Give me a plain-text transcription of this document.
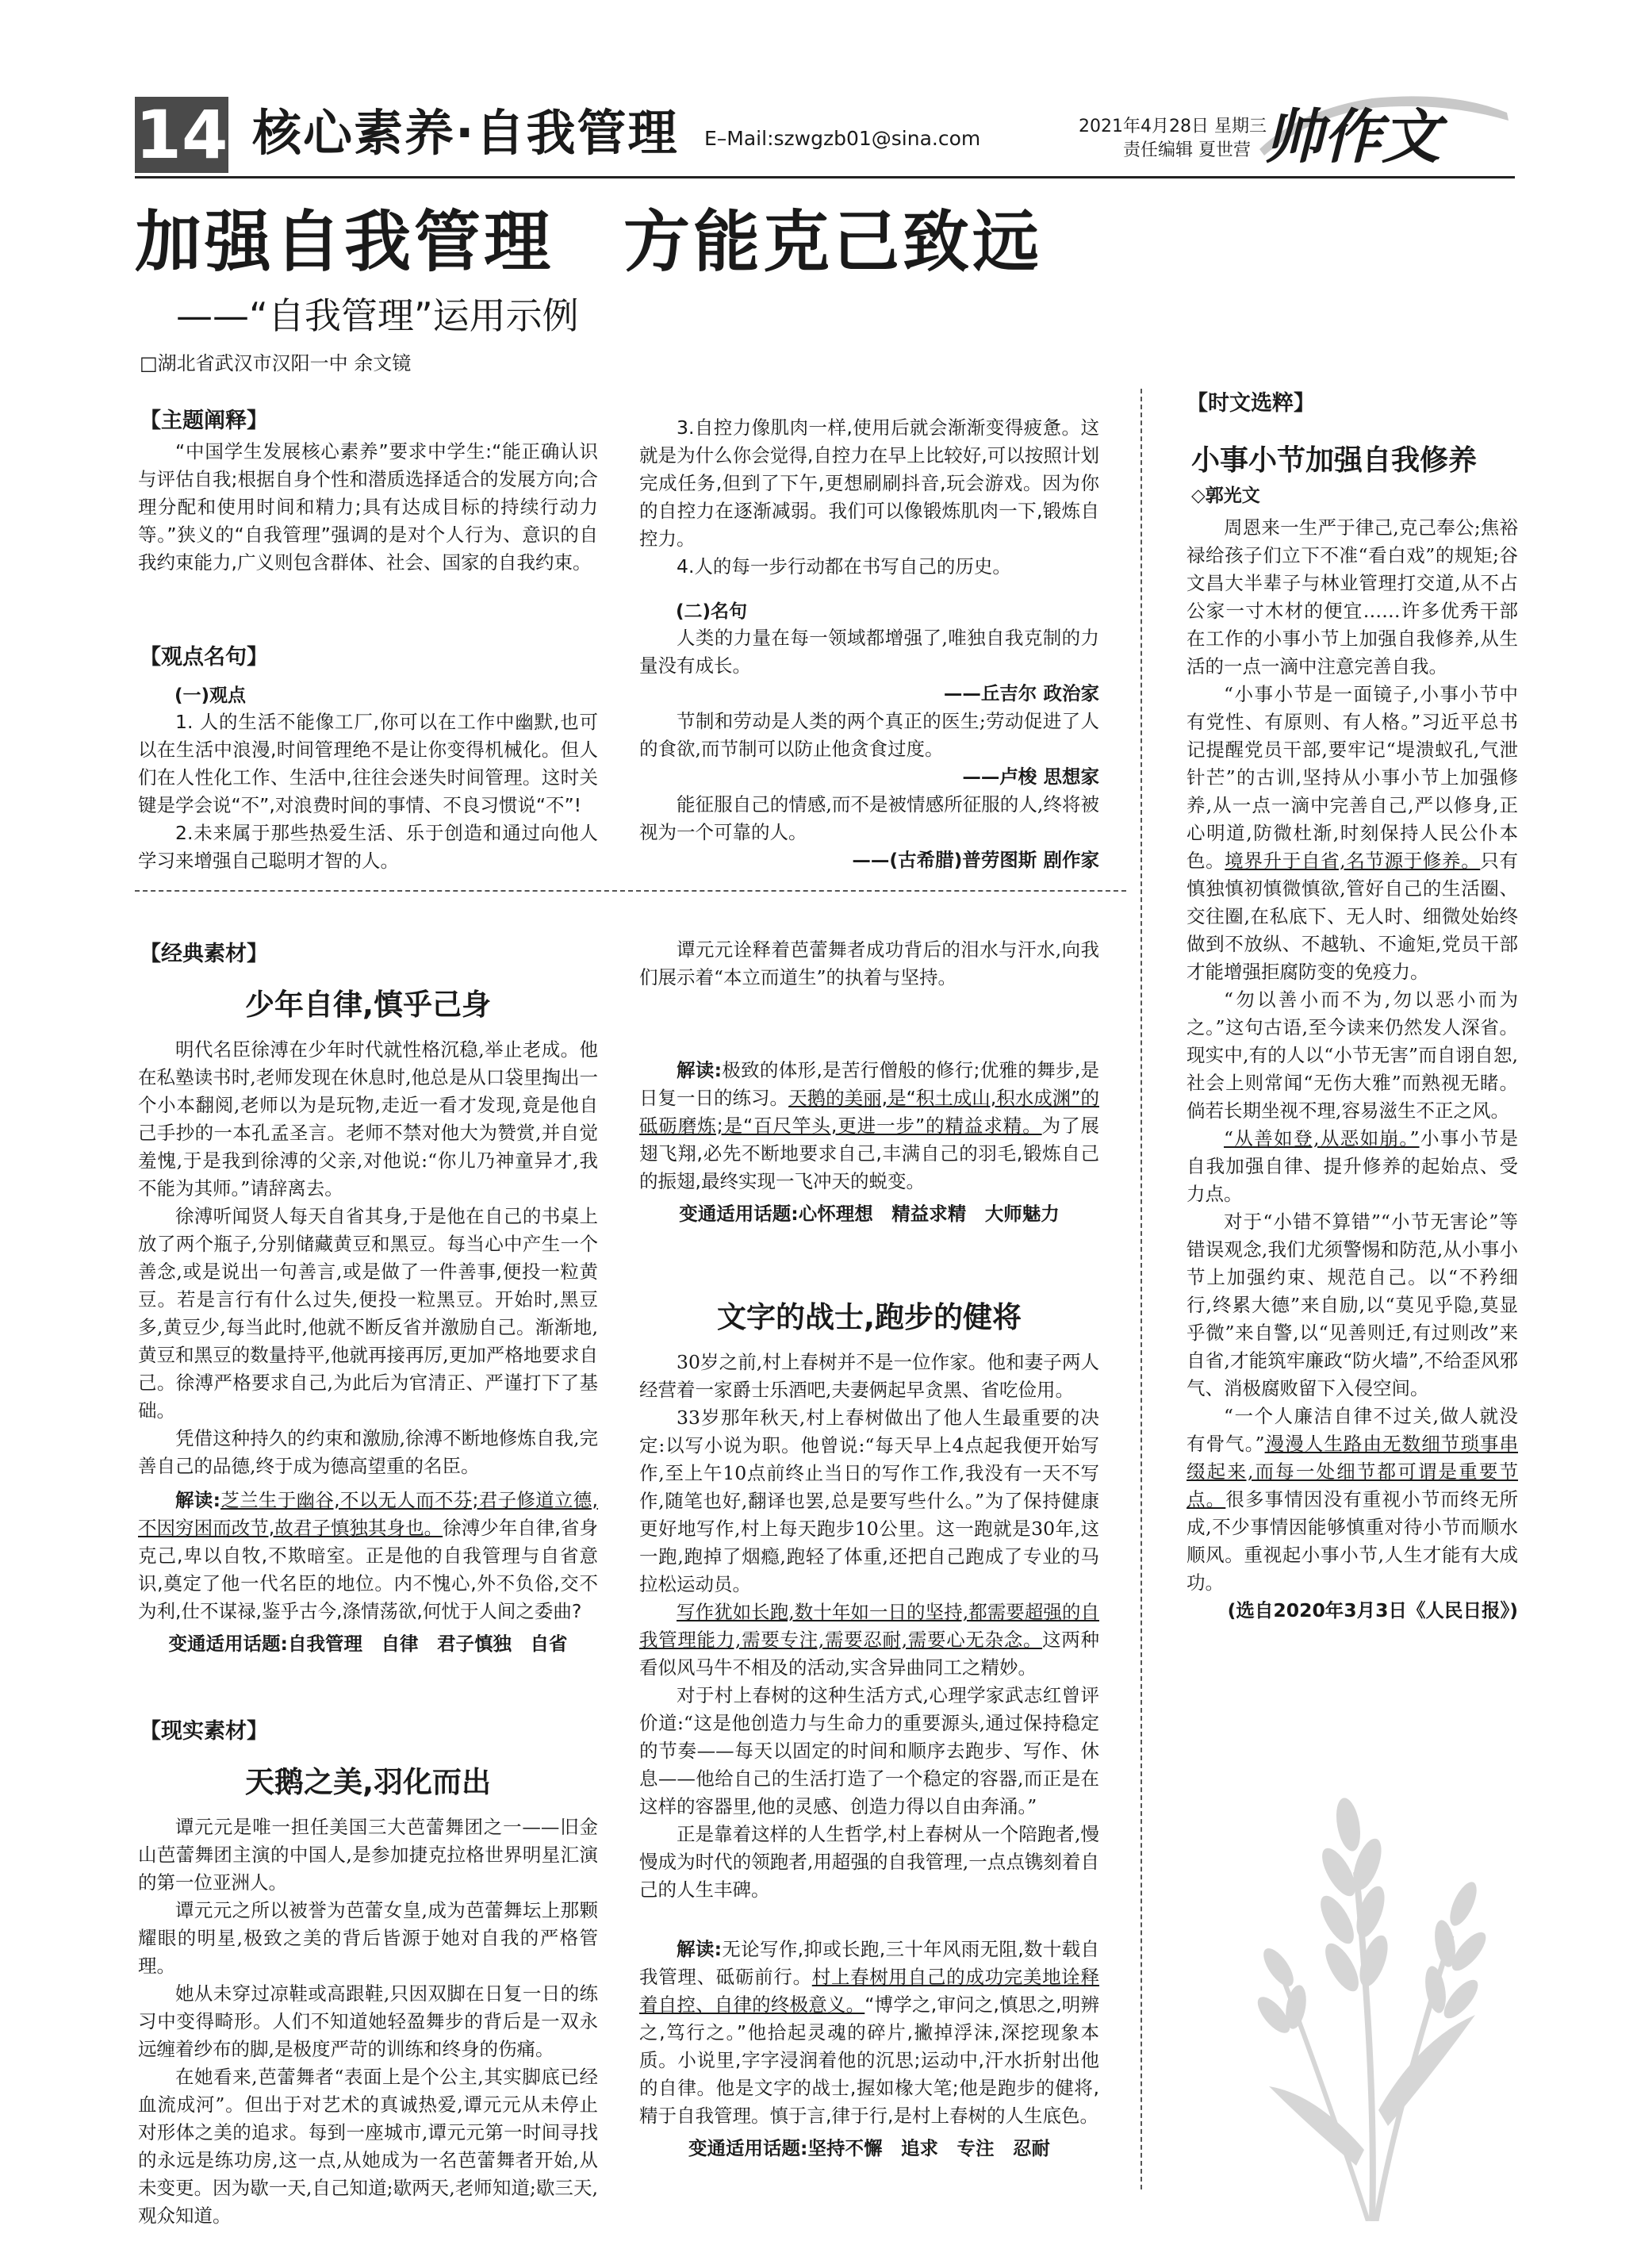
14 核心素养·自我管理 E–Mail:szwgzb01@sina.com
2021年4月28日 星期三
责任编辑 夏世营 帅作文
加强自我管理　方能克己致远
——“自我管理”运用示例
□湖北省武汉市汉阳一中 余文镜
【主题阐释】

“中国学生发展核心素养”要求中学生:“能正确认识与评估自我;根据自身个性和潜质选择适合的发展方向;合理分配和使用时间和精力;具有达成目标的持续行动力等。”狭义的“自我管理”强调的是对个人行为、意识的自我约束能力,广义则包含群体、社会、国家的自我约束。

【观点名句】
(一)观点

1. 人的生活不能像工厂,你可以在工作中幽默,也可以在生活中浪漫,时间管理绝不是让你变得机械化。但人们在人性化工作、生活中,往往会迷失时间管理。这时关键是学会说“不”,对浪费时间的事情、不良习惯说“不”!

2.未来属于那些热爱生活、乐于创造和通过向他人学习来增强自己聪明才智的人。

3.自控力像肌肉一样,使用后就会渐渐变得疲惫。这就是为什么你会觉得,自控力在早上比较好,可以按照计划完成任务,但到了下午,更想刷刷抖音,玩会游戏。因为你的自控力在逐渐减弱。我们可以像锻炼肌肉一下,锻炼自控力。

4.人的每一步行动都在书写自己的历史。

(二)名句

人类的力量在每一领域都增强了,唯独自我克制的力量没有成长。

——丘吉尔 政治家

节制和劳动是人类的两个真正的医生;劳动促进了人的食欲,而节制可以防止他贪食过度。

——卢梭 思想家

能征服自己的情感,而不是被情感所征服的人,终将被视为一个可靠的人。

——(古希腊)普劳图斯 剧作家

【经典素材】
少年自律,慎乎己身

明代名臣徐溥在少年时代就性格沉稳,举止老成。他在私塾读书时,老师发现在休息时,他总是从口袋里掏出一个小本翻阅,老师以为是玩物,走近一看才发现,竟是他自己手抄的一本孔孟圣言。老师不禁对他大为赞赏,并自觉羞愧,于是我到徐溥的父亲,对他说:“你儿乃神童异才,我不能为其师。”请辞离去。

徐溥听闻贤人每天自省其身,于是他在自己的书桌上放了两个瓶子,分别储藏黄豆和黑豆。每当心中产生一个善念,或是说出一句善言,或是做了一件善事,便投一粒黄豆。若是言行有什么过失,便投一粒黑豆。开始时,黑豆多,黄豆少,每当此时,他就不断反省并激励自己。渐渐地,黄豆和黑豆的数量持平,他就再接再厉,更加严格地要求自己。徐溥严格要求自己,为此后为官清正、严谨打下了基础。

凭借这种持久的约束和激励,徐溥不断地修炼自我,完善自己的品德,终于成为德高望重的名臣。

解读:芝兰生于幽谷,不以无人而不芬;君子修道立德,不因穷困而改节,故君子慎独其身也。徐溥少年自律,省身克己,卑以自牧,不欺暗室。正是他的自我管理与自省意识,奠定了他一代名臣的地位。内不愧心,外不负俗,交不为利,仕不谋禄,鉴乎古今,涤情荡欲,何忧于人间之委曲?

变通适用话题:自我管理　自律　君子慎独　自省

【现实素材】
天鹅之美,羽化而出

谭元元是唯一担任美国三大芭蕾舞团之一——旧金山芭蕾舞团主演的中国人,是参加捷克拉格世界明星汇演的第一位亚洲人。

谭元元之所以被誉为芭蕾女皇,成为芭蕾舞坛上那颗耀眼的明星,极致之美的背后皆源于她对自我的严格管理。

她从未穿过凉鞋或高跟鞋,只因双脚在日复一日的练习中变得畸形。人们不知道她轻盈舞步的背后是一双永远缠着纱布的脚,是极度严苛的训练和终身的伤痛。

在她看来,芭蕾舞者“表面上是个公主,其实脚底已经血流成河”。但出于对艺术的真诚热爱,谭元元从未停止对形体之美的追求。每到一座城市,谭元元第一时间寻找的永远是练功房,这一点,从她成为一名芭蕾舞者开始,从未变更。因为歇一天,自己知道;歇两天,老师知道;歇三天,观众知道。

谭元元诠释着芭蕾舞者成功背后的泪水与汗水,向我们展示着“本立而道生”的执着与坚持。

解读:极致的体形,是苦行僧般的修行;优雅的舞步,是日复一日的练习。天鹅的美丽,是“积土成山,积水成渊”的砥砺磨炼;是“百尺竿头,更进一步”的精益求精。为了展翅飞翔,必先不断地要求自己,丰满自己的羽毛,锻炼自己的振翅,最终实现一飞冲天的蜕变。

变通适用话题:心怀理想　精益求精　大师魅力

文字的战士,跑步的健将

30岁之前,村上春树并不是一位作家。他和妻子两人经营着一家爵士乐酒吧,夫妻俩起早贪黑、省吃俭用。

33岁那年秋天,村上春树做出了他人生最重要的决定:以写小说为职。他曾说:“每天早上4点起我便开始写作,至上午10点前终止当日的写作工作,我没有一天不写作,随笔也好,翻译也罢,总是要写些什么。”为了保持健康更好地写作,村上每天跑步10公里。这一跑就是30年,这一跑,跑掉了烟瘾,跑轻了体重,还把自己跑成了专业的马拉松运动员。

写作犹如长跑,数十年如一日的坚持,都需要超强的自我管理能力,需要专注,需要忍耐,需要心无杂念。这两种看似风马牛不相及的活动,实含异曲同工之精妙。

对于村上春树的这种生活方式,心理学家武志红曾评价道:“这是他创造力与生命力的重要源头,通过保持稳定的节奏——每天以固定的时间和顺序去跑步、写作、休息——他给自己的生活打造了一个稳定的容器,而正是在这样的容器里,他的灵感、创造力得以自由奔涌。”

正是靠着这样的人生哲学,村上春树从一个陪跑者,慢慢成为时代的领跑者,用超强的自我管理,一点点镌刻着自己的人生丰碑。

解读:无论写作,抑或长跑,三十年风雨无阻,数十载自我管理、砥砺前行。村上春树用自己的成功完美地诠释着自控、自律的终极意义。“博学之,审问之,慎思之,明辨之,笃行之。”他拾起灵魂的碎片,撇掉浮沫,深挖现象本质。小说里,字字浸润着他的沉思;运动中,汗水折射出他的自律。他是文字的战士,握如椽大笔;他是跑步的健将,精于自我管理。慎于言,律于行,是村上春树的人生底色。

变通适用话题:坚持不懈　追求　专注　忍耐

【时文选粹】
小事小节加强自我修养
◇郭光文

周恩来一生严于律己,克己奉公;焦裕禄给孩子们立下不准“看白戏”的规矩;谷文昌大半辈子与林业管理打交道,从不占公家一寸木材的便宜……许多优秀干部在工作的小事小节上加强自我修养,从生活的一点一滴中注意完善自我。

“小事小节是一面镜子,小事小节中有党性、有原则、有人格。”习近平总书记提醒党员干部,要牢记“堤溃蚁孔,气泄针芒”的古训,坚持从小事小节上加强修养,从一点一滴中完善自己,严以修身,正心明道,防微杜渐,时刻保持人民公仆本色。境界升于自省,名节源于修养。只有慎独慎初慎微慎欲,管好自己的生活圈、交往圈,在私底下、无人时、细微处始终做到不放纵、不越轨、不逾矩,党员干部才能增强拒腐防变的免疫力。

“勿以善小而不为,勿以恶小而为之。”这句古语,至今读来仍然发人深省。现实中,有的人以“小节无害”而自诩自恕,社会上则常闻“无伤大雅”而熟视无睹。倘若长期坐视不理,容易滋生不正之风。

“从善如登,从恶如崩。”小事小节是自我加强自律、提升修养的起始点、受力点。

对于“小错不算错”“小节无害论”等错误观念,我们尤须警惕和防范,从小事小节上加强约束、规范自己。以“不矜细行,终累大德”来自励,以“莫见乎隐,莫显乎微”来自警,以“见善则迁,有过则改”来自省,才能筑牢廉政“防火墙”,不给歪风邪气、消极腐败留下入侵空间。

“一个人廉洁自律不过关,做人就没有骨气。”漫漫人生路由无数细节琐事串缀起来,而每一处细节都可谓是重要节点。很多事情因没有重视小节而终无所成,不少事情因能够慎重对待小节而顺水顺风。重视起小事小节,人生才能有大成功。

(选自2020年3月3日《人民日报》)
